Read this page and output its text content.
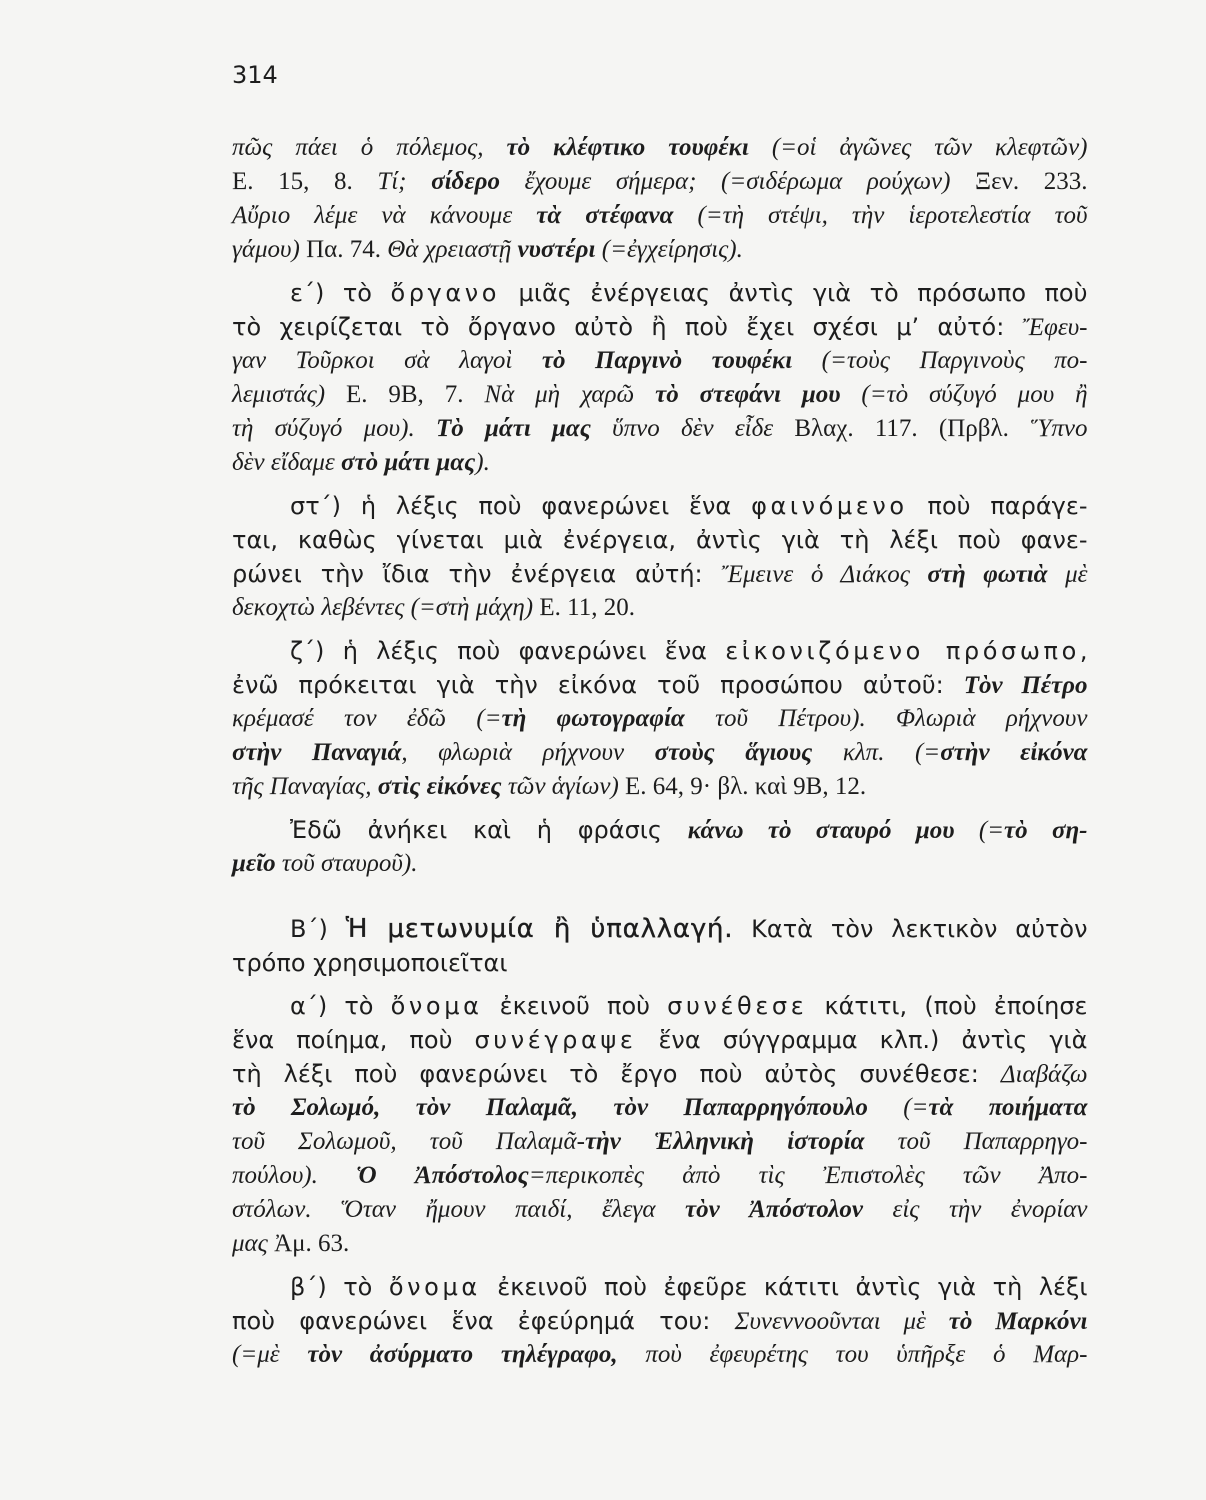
314
πῶς πάει ὁ πόλεμος, τὸ κλέφτικο τουφέκι (=οἱ ἀγῶνες τῶν κλεφτῶν)
Ε. 15, 8. Τί; σίδερο ἔχουμε σήμερα; (=σιδέρωμα ρούχων) Ξεν. 233.
Αὔριο λέμε νὰ κάνουμε τὰ στέφανα (=τὴ στέψι, τὴν ἱεροτελεστία τοῦ
γάμου) Πα. 74. Θὰ χρειαστῇ νυστέρι (=ἐγχείρησις).
ε΄) τὸ ὄργανο μιᾶς ἐνέργειας ἀντὶς γιὰ τὸ πρόσωπο ποὺ
τὸ χειρίζεται τὸ ὄργανο αὐτὸ ἢ ποὺ ἔχει σχέσι μ’ αὐτό: Ἔφευ-
γαν Τοῦρκοι σὰ λαγοὶ τὸ Παργινὸ τουφέκι (=τοὺς Παργινοὺς πο-
λεμιστάς) Ε. 9Β, 7. Νὰ μὴ χαρῶ τὸ στεφάνι μου (=τὸ σύζυγό μου ἢ
τὴ σύζυγό μου). Τὸ μάτι μας ὕπνο δὲν εἶδε Βλαχ. 117. (Πρβλ. Ὕπνο
δὲν εἴδαμε στὸ μάτι μας).
στ΄) ἡ λέξις ποὺ φανερώνει ἕνα φαινόμενο ποὺ παράγε-
ται, καθὼς γίνεται μιὰ ἐνέργεια, ἀντὶς γιὰ τὴ λέξι ποὺ φανε-
ρώνει τὴν ἴδια τὴν ἐνέργεια αὐτή: Ἔμεινε ὁ Διάκος στὴ φωτιὰ μὲ
δεκοχτὼ λεβέντες (=στὴ μάχη) Ε. 11, 20.
ζ΄) ἡ λέξις ποὺ φανερώνει ἕνα εἰκονιζόμενο πρόσωπο,
ἐνῶ πρόκειται γιὰ τὴν εἰκόνα τοῦ προσώπου αὐτοῦ: Τὸν Πέτρο
κρέμασέ τον ἐδῶ (=τὴ φωτογραφία τοῦ Πέτρου). Φλωριὰ ρήχνουν
στὴν Παναγιά, φλωριὰ ρήχνουν στοὺς ἅγιους κλπ. (=στὴν εἰκόνα
τῆς Παναγίας, στὶς εἰκόνες τῶν ἁγίων) Ε. 64, 9· βλ. καὶ 9Β, 12.
Ἐδῶ ἀνήκει καὶ ἡ φράσις κάνω τὸ σταυρό μου (=τὸ ση-
μεῖο τοῦ σταυροῦ).
Β΄) Ἡ μετωνυμία ἢ ὑπαλλαγή. Κατὰ τὸν λεκτικὸν αὐτὸν
τρόπο χρησιμοποιεῖται
α΄) τὸ ὄνομα ἐκεινοῦ ποὺ συνέθεσε κάτιτι, (ποὺ ἐποίησε
ἕνα ποίημα, ποὺ συνέγραψε ἕνα σύγγραμμα κλπ.) ἀντὶς γιὰ
τὴ λέξι ποὺ φανερώνει τὸ ἔργο ποὺ αὐτὸς συνέθεσε: Διαβάζω
τὸ Σολωμό, τὸν Παλαμᾶ, τὸν Παπαρρηγόπουλο (=τὰ ποιήματα
τοῦ Σολωμοῦ, τοῦ Παλαμᾶ-τὴν Ἑλληνικὴ ἱστορία τοῦ Παπαρρηγο-
πούλου). Ὁ Ἀπόστολος=περικοπὲς ἀπὸ τὶς Ἐπιστολὲς τῶν Ἀπο-
στόλων. Ὅταν ἤμουν παιδί, ἔλεγα τὸν Ἀπόστολον εἰς τὴν ἐνορίαν
μας Ἀμ. 63.
β΄) τὸ ὄνομα ἐκεινοῦ ποὺ ἐφεῦρε κάτιτι ἀντὶς γιὰ τὴ λέξι
ποὺ φανερώνει ἕνα ἐφεύρημά του: Συνεννοοῦνται μὲ τὸ Μαρκόνι
(=μὲ τὸν ἀσύρματο τηλέγραφο, ποὺ ἐφευρέτης του ὑπῆρξε ὁ Μαρ-
